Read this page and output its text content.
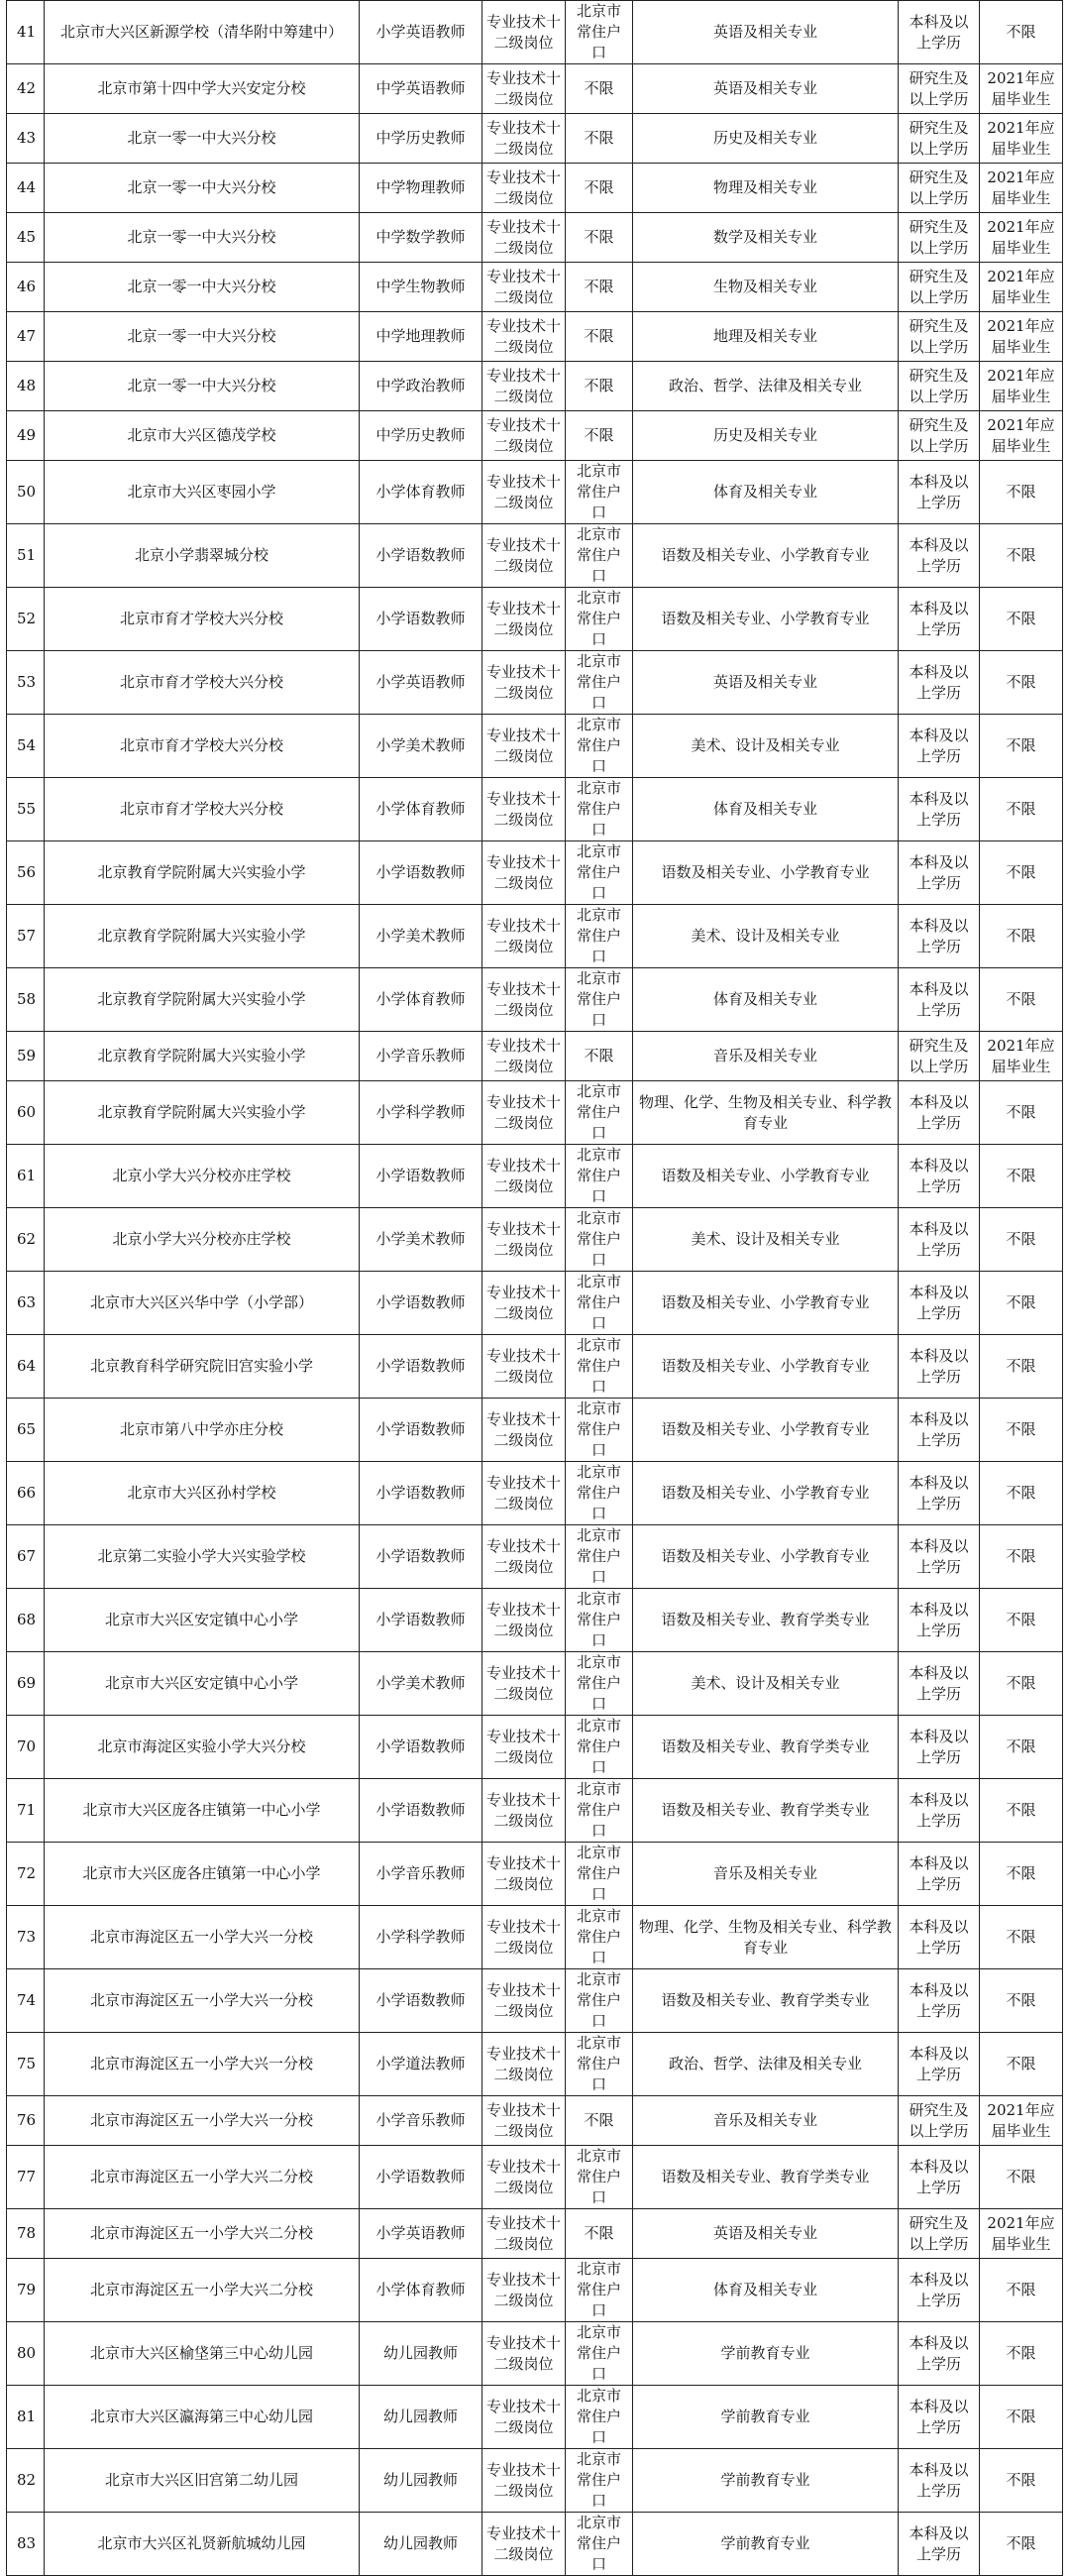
41	北京市大兴区新源学校（清华附中筹建中）	小学英语教师	专业技术十二级岗位	北京市常住户口	英语及相关专业	本科及以上学历	不限
42	北京市第十四中学大兴安定分校	中学英语教师	专业技术十二级岗位	不限	英语及相关专业	研究生及以上学历	2021年应届毕业生
43	北京一零一中大兴分校	中学历史教师	专业技术十二级岗位	不限	历史及相关专业	研究生及以上学历	2021年应届毕业生
44	北京一零一中大兴分校	中学物理教师	专业技术十二级岗位	不限	物理及相关专业	研究生及以上学历	2021年应届毕业生
45	北京一零一中大兴分校	中学数学教师	专业技术十二级岗位	不限	数学及相关专业	研究生及以上学历	2021年应届毕业生
46	北京一零一中大兴分校	中学生物教师	专业技术十二级岗位	不限	生物及相关专业	研究生及以上学历	2021年应届毕业生
47	北京一零一中大兴分校	中学地理教师	专业技术十二级岗位	不限	地理及相关专业	研究生及以上学历	2021年应届毕业生
48	北京一零一中大兴分校	中学政治教师	专业技术十二级岗位	不限	政治、哲学、法律及相关专业	研究生及以上学历	2021年应届毕业生
49	北京市大兴区德茂学校	中学历史教师	专业技术十二级岗位	不限	历史及相关专业	研究生及以上学历	2021年应届毕业生
50	北京市大兴区枣园小学	小学体育教师	专业技术十二级岗位	北京市常住户口	体育及相关专业	本科及以上学历	不限
51	北京小学翡翠城分校	小学语数教师	专业技术十二级岗位	北京市常住户口	语数及相关专业、小学教育专业	本科及以上学历	不限
52	北京市育才学校大兴分校	小学语数教师	专业技术十二级岗位	北京市常住户口	语数及相关专业、小学教育专业	本科及以上学历	不限
53	北京市育才学校大兴分校	小学英语教师	专业技术十二级岗位	北京市常住户口	英语及相关专业	本科及以上学历	不限
54	北京市育才学校大兴分校	小学美术教师	专业技术十二级岗位	北京市常住户口	美术、设计及相关专业	本科及以上学历	不限
55	北京市育才学校大兴分校	小学体育教师	专业技术十二级岗位	北京市常住户口	体育及相关专业	本科及以上学历	不限
56	北京教育学院附属大兴实验小学	小学语数教师	专业技术十二级岗位	北京市常住户口	语数及相关专业、小学教育专业	本科及以上学历	不限
57	北京教育学院附属大兴实验小学	小学美术教师	专业技术十二级岗位	北京市常住户口	美术、设计及相关专业	本科及以上学历	不限
58	北京教育学院附属大兴实验小学	小学体育教师	专业技术十二级岗位	北京市常住户口	体育及相关专业	本科及以上学历	不限
59	北京教育学院附属大兴实验小学	小学音乐教师	专业技术十二级岗位	不限	音乐及相关专业	研究生及以上学历	2021年应届毕业生
60	北京教育学院附属大兴实验小学	小学科学教师	专业技术十二级岗位	北京市常住户口	物理、化学、生物及相关专业、科学教育专业	本科及以上学历	不限
61	北京小学大兴分校亦庄学校	小学语数教师	专业技术十二级岗位	北京市常住户口	语数及相关专业、小学教育专业	本科及以上学历	不限
62	北京小学大兴分校亦庄学校	小学美术教师	专业技术十二级岗位	北京市常住户口	美术、设计及相关专业	本科及以上学历	不限
63	北京市大兴区兴华中学（小学部）	小学语数教师	专业技术十二级岗位	北京市常住户口	语数及相关专业、小学教育专业	本科及以上学历	不限
64	北京教育科学研究院旧宫实验小学	小学语数教师	专业技术十二级岗位	北京市常住户口	语数及相关专业、小学教育专业	本科及以上学历	不限
65	北京市第八中学亦庄分校	小学语数教师	专业技术十二级岗位	北京市常住户口	语数及相关专业、小学教育专业	本科及以上学历	不限
66	北京市大兴区孙村学校	小学语数教师	专业技术十二级岗位	北京市常住户口	语数及相关专业、小学教育专业	本科及以上学历	不限
67	北京第二实验小学大兴实验学校	小学语数教师	专业技术十二级岗位	北京市常住户口	语数及相关专业、小学教育专业	本科及以上学历	不限
68	北京市大兴区安定镇中心小学	小学语数教师	专业技术十二级岗位	北京市常住户口	语数及相关专业、教育学类专业	本科及以上学历	不限
69	北京市大兴区安定镇中心小学	小学美术教师	专业技术十二级岗位	北京市常住户口	美术、设计及相关专业	本科及以上学历	不限
70	北京市海淀区实验小学大兴分校	小学语数教师	专业技术十二级岗位	北京市常住户口	语数及相关专业、教育学类专业	本科及以上学历	不限
71	北京市大兴区庞各庄镇第一中心小学	小学语数教师	专业技术十二级岗位	北京市常住户口	语数及相关专业、教育学类专业	本科及以上学历	不限
72	北京市大兴区庞各庄镇第一中心小学	小学音乐教师	专业技术十二级岗位	北京市常住户口	音乐及相关专业	本科及以上学历	不限
73	北京市海淀区五一小学大兴一分校	小学科学教师	专业技术十二级岗位	北京市常住户口	物理、化学、生物及相关专业、科学教育专业	本科及以上学历	不限
74	北京市海淀区五一小学大兴一分校	小学语数教师	专业技术十二级岗位	北京市常住户口	语数及相关专业、教育学类专业	本科及以上学历	不限
75	北京市海淀区五一小学大兴一分校	小学道法教师	专业技术十二级岗位	北京市常住户口	政治、哲学、法律及相关专业	本科及以上学历	不限
76	北京市海淀区五一小学大兴一分校	小学音乐教师	专业技术十二级岗位	不限	音乐及相关专业	研究生及以上学历	2021年应届毕业生
77	北京市海淀区五一小学大兴二分校	小学语数教师	专业技术十二级岗位	北京市常住户口	语数及相关专业、教育学类专业	本科及以上学历	不限
78	北京市海淀区五一小学大兴二分校	小学英语教师	专业技术十二级岗位	不限	英语及相关专业	研究生及以上学历	2021年应届毕业生
79	北京市海淀区五一小学大兴二分校	小学体育教师	专业技术十二级岗位	北京市常住户口	体育及相关专业	本科及以上学历	不限
80	北京市大兴区榆垡第三中心幼儿园	幼儿园教师	专业技术十二级岗位	北京市常住户口	学前教育专业	本科及以上学历	不限
81	北京市大兴区瀛海第三中心幼儿园	幼儿园教师	专业技术十二级岗位	北京市常住户口	学前教育专业	本科及以上学历	不限
82	北京市大兴区旧宫第二幼儿园	幼儿园教师	专业技术十二级岗位	北京市常住户口	学前教育专业	本科及以上学历	不限
83	北京市大兴区礼贤新航城幼儿园	幼儿园教师	专业技术十二级岗位	北京市常住户口	学前教育专业	本科及以上学历	不限
